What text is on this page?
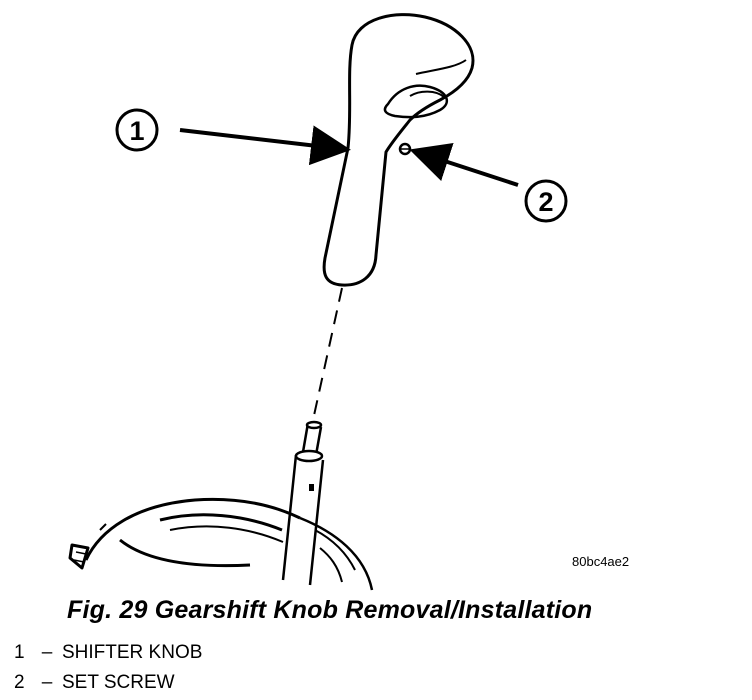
1
2
80bc4ae2
Fig. 29 Gearshift Knob Removal/Installation
1 – SHIFTER KNOB
2 – SET SCREW
